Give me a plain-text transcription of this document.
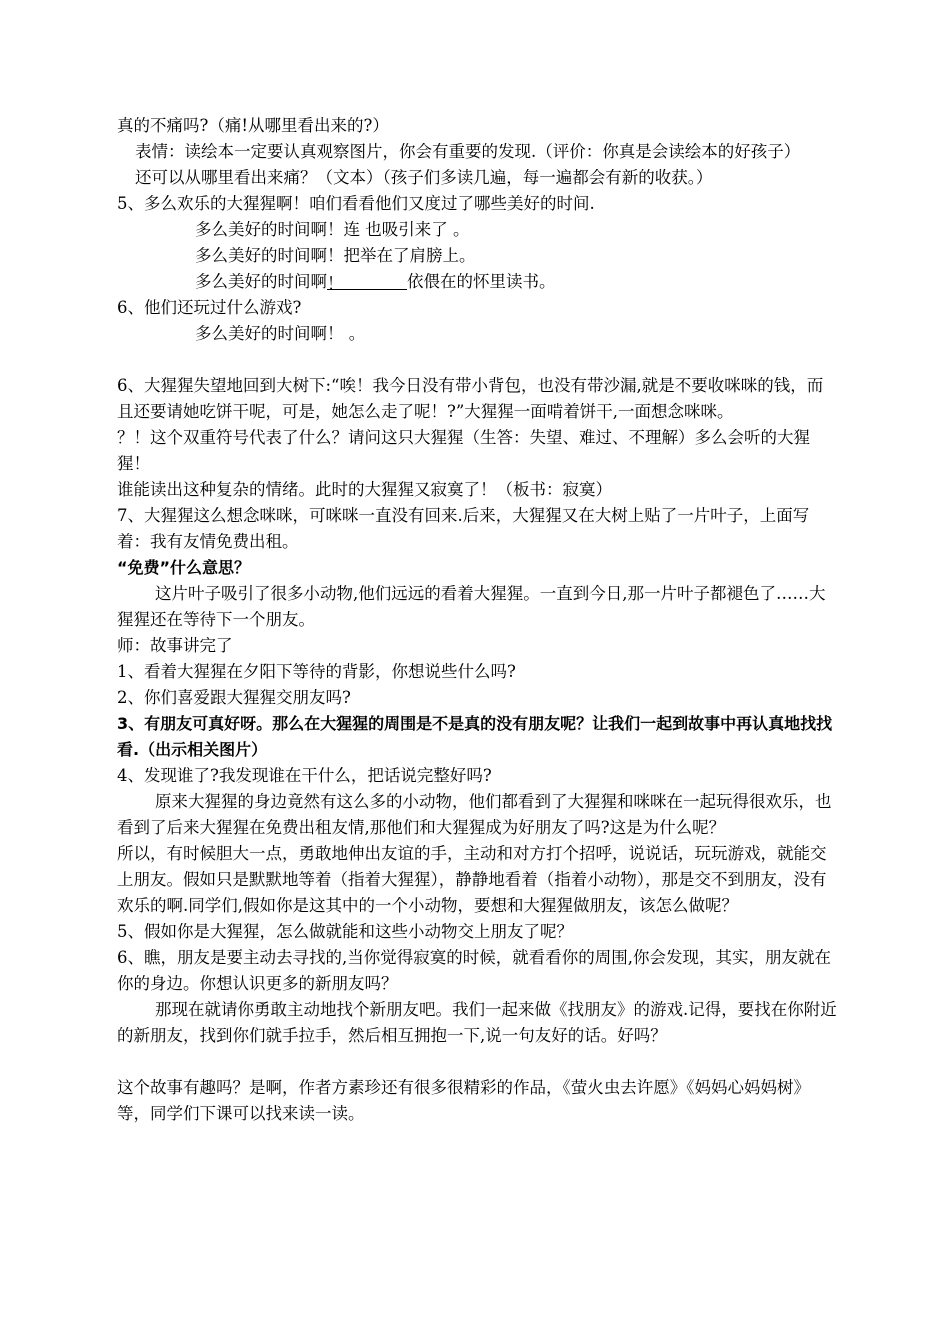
真的不痛吗?（痛!从哪里看出来的?）

表情：读绘本一定要认真观察图片，你会有重要的发现.（评价：你真是会读绘本的好孩子）

还可以从哪里看出来痛？（文本）（孩子们多读几遍，每一遍都会有新的收获。）

5、多么欢乐的大猩猩啊！咱们看看他们又度过了哪些美好的时间.

多么美好的时间啊！连 也吸引来了 。

多么美好的时间啊！把举在了肩膀上。

多么美好的时间啊！	依偎在的怀里读书。

6、他们还玩过什么游戏?

多么美好的时间啊！ 。

6、大猩猩失望地回到大树下:“唉！我今日没有带小背包，也没有带沙漏,就是不要收咪咪的钱，而且还要请她吃饼干呢，可是，她怎么走了呢！?”大猩猩一面啃着饼干,一面想念咪咪。

？！这个双重符号代表了什么？请问这只大猩猩（生答：失望、难过、不理解）多么会听的大猩猩！

谁能读出这种复杂的情绪。此时的大猩猩又寂寞了！（板书：寂寞）

7、大猩猩这么想念咪咪，可咪咪一直没有回来.后来，大猩猩又在大树上贴了一片叶子，上面写着：我有友情免费出租。

“免费”什么意思？

这片叶子吸引了很多小动物,他们远远的看着大猩猩。一直到今日,那一片叶子都褪色了……大猩猩还在等待下一个朋友。

师：故事讲完了

1、看着大猩猩在夕阳下等待的背影，你想说些什么吗?

2、你们喜爱跟大猩猩交朋友吗?

3、有朋友可真好呀。那么在大猩猩的周围是不是真的没有朋友呢？让我们一起到故事中再认真地找找看.（出示相关图片）

4、发现谁了?我发现谁在干什么，把话说完整好吗?

原来大猩猩的身边竟然有这么多的小动物，他们都看到了大猩猩和咪咪在一起玩得很欢乐，也看到了后来大猩猩在免费出租友情,那他们和大猩猩成为好朋友了吗?这是为什么呢？

所以，有时候胆大一点，勇敢地伸出友谊的手，主动和对方打个招呼，说说话，玩玩游戏，就能交上朋友。假如只是默默地等着（指着大猩猩），静静地看着（指着小动物），那是交不到朋友，没有欢乐的啊.同学们,假如你是这其中的一个小动物，要想和大猩猩做朋友，该怎么做呢？

5、假如你是大猩猩，怎么做就能和这些小动物交上朋友了呢？

6、瞧，朋友是要主动去寻找的,当你觉得寂寞的时候，就看看你的周围,你会发现，其实，朋友就在你的身边。你想认识更多的新朋友吗？

那现在就请你勇敢主动地找个新朋友吧。我们一起来做《找朋友》的游戏.记得，要找在你附近的新朋友，找到你们就手拉手，然后相互拥抱一下,说一句友好的话。好吗？

这个故事有趣吗？是啊，作者方素珍还有很多很精彩的作品，《萤火虫去许愿》《妈妈心妈妈树》等，同学们下课可以找来读一读。
